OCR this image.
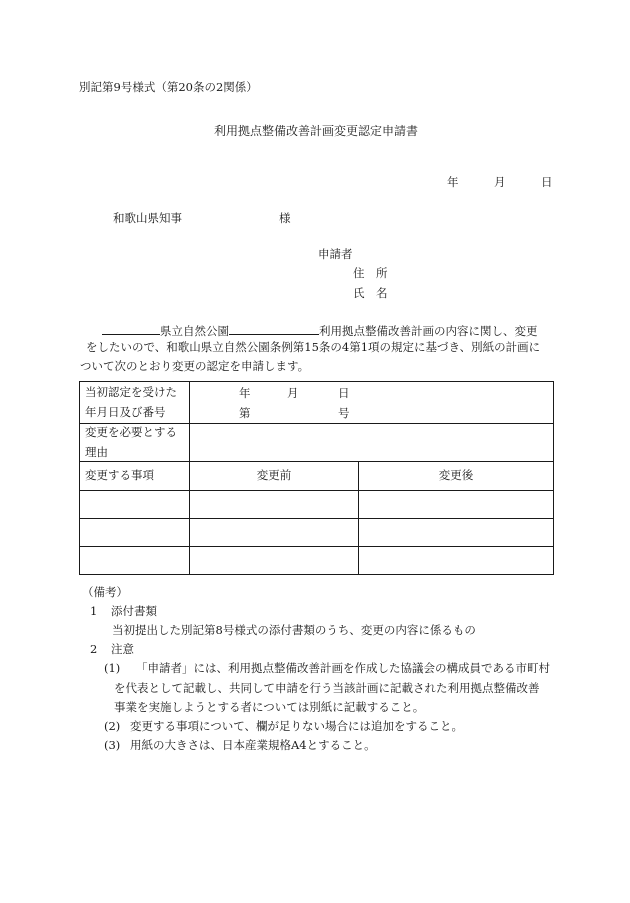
別記第9号様式（第20条の2関係）
利用拠点整備改善計画変更認定申請書
年	月	日
和歌山県知事	様
申請者
住　所
氏　名
県立自然公園	利用拠点整備改善計画の内容に関し、変更
をしたいので、和歌山県立自然公園条例第15条の4第1項の規定に基づき、別紙の計画に
ついて次のとおり変更の認定を申請します。
当初認定を受けた
年月日及び番号	年 月 日
第 号	

変更を必要とする
理由		

変更する事項	変更前	変更後

（備考）
1 添付書類
当初提出した別記第8号様式の添付書類のうち、変更の内容に係るもの
2 注意
(1) 「申請者」には、利用拠点整備改善計画を作成した協議会の構成員である市町村
を代表として記載し、共同して申請を行う当該計画に記載された利用拠点整備改善
事業を実施しようとする者については別紙に記載すること。
(2) 変更する事項について、欄が足りない場合には追加をすること。
(3) 用紙の大きさは、日本産業規格A4とすること。
